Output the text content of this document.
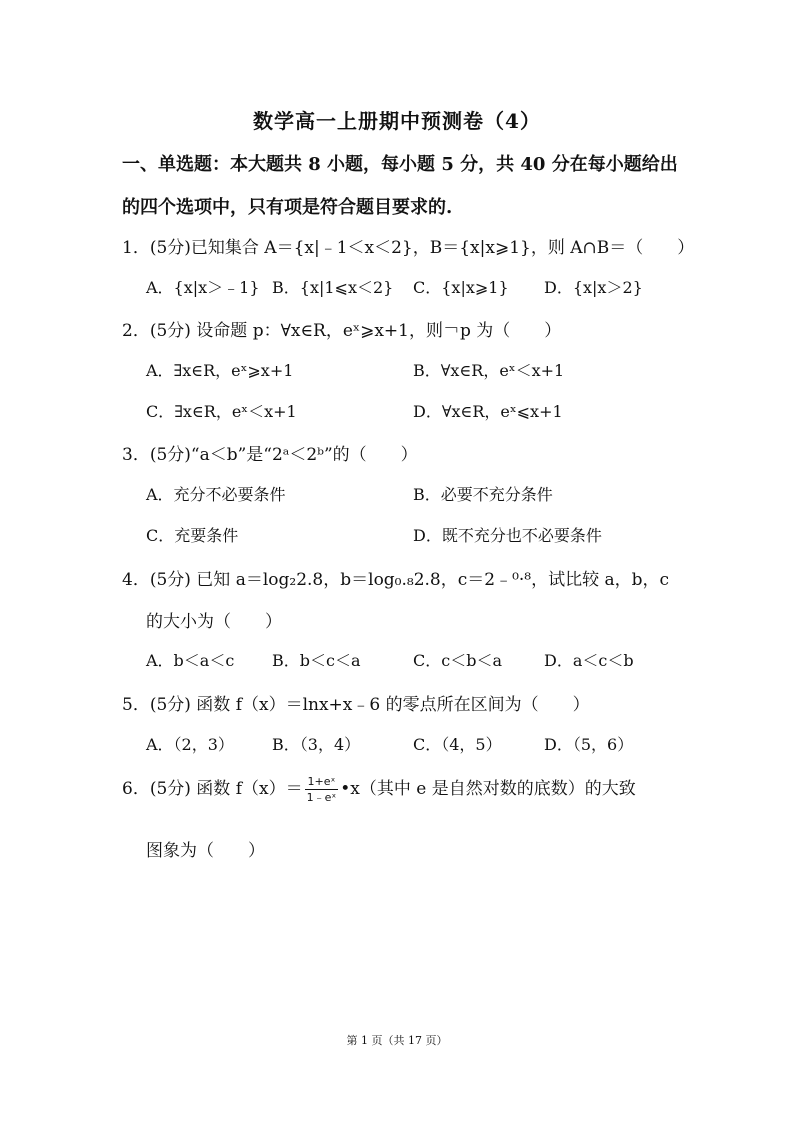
数学高一上册期中预测卷（4）
一、单选题：本大题共 8 小题，每小题 5 分，共 40 分在每小题给出
的四个选项中，只有项是符合题目要求的.
1．(5分)已知集合 A＝{x|﹣1＜x＜2}，B＝{x|x⩾1}，则 A∩B＝（　　）
A．{x|x＞﹣1} B．{x|1⩽x＜2} C．{x|x⩾1} D．{x|x＞2}
2．(5分) 设命题 p：∀x∈R，eˣ⩾x+1，则￢p 为（　　）
A．∃x∈R，eˣ⩾x+1	B．∀x∈R，eˣ＜x+1
C．∃x∈R，eˣ＜x+1	D．∀x∈R，eˣ⩽x+1
3．(5分)“a＜b”是“2ᵃ＜2ᵇ”的（　　）
A．充分不必要条件	B．必要不充分条件
C．充要条件	D．既不充分也不必要条件
4．(5分) 已知 a＝log₂2.8，b＝log₀.₈2.8，c＝2﹣⁰·⁸，试比较 a，b，c
的大小为（　　）
A．b＜a＜c B．b＜c＜a	C．c＜b＜a	D．a＜c＜b
5．(5分) 函数 f（x）＝lnx+x﹣6 的零点所在区间为（　　）
A．（2，3） B．（3，4）	C．（4，5）	D．（5，6）
6．(5分) 函数 $f(x)= \frac{\text{1+eˣ}}{\text{1﹣eˣ}}$ •x（其中 e 是自然对数的底数）的大致
图象为（　　）
第 1 页（共 17 页）
